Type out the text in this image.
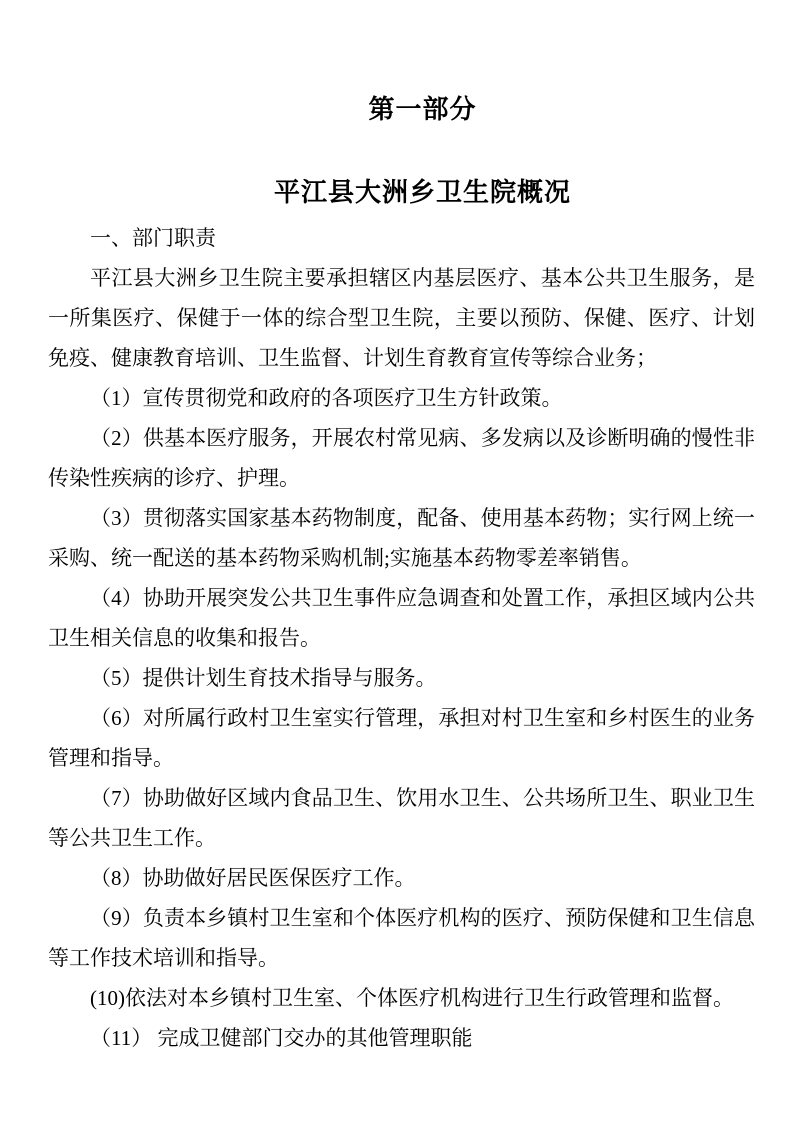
第一部分
平江县大洲乡卫生院概况

一、部门职责

平江县大洲乡卫生院主要承担辖区内基层医疗、基本公共卫生服务，是一所集医疗、保健于一体的综合型卫生院，主要以预防、保健、医疗、计划免疫、健康教育培训、卫生监督、计划生育教育宣传等综合业务；

（1）宣传贯彻党和政府的各项医疗卫生方针政策。

（2）供基本医疗服务，开展农村常见病、多发病以及诊断明确的慢性非传染性疾病的诊疗、护理。

（3）贯彻落实国家基本药物制度，配备、使用基本药物；实行网上统一采购、统一配送的基本药物采购机制;实施基本药物零差率销售。

（4）协助开展突发公共卫生事件应急调查和处置工作，承担区域内公共卫生相关信息的收集和报告。

（5）提供计划生育技术指导与服务。

（6）对所属行政村卫生室实行管理，承担对村卫生室和乡村医生的业务管理和指导。

（7）协助做好区域内食品卫生、饮用水卫生、公共场所卫生、职业卫生等公共卫生工作。

（8）协助做好居民医保医疗工作。

（9）负责本乡镇村卫生室和个体医疗机构的医疗、预防保健和卫生信息等工作技术培训和指导。

(10)依法对本乡镇村卫生室、个体医疗机构进行卫生行政管理和监督。

（11） 完成卫健部门交办的其他管理职能
